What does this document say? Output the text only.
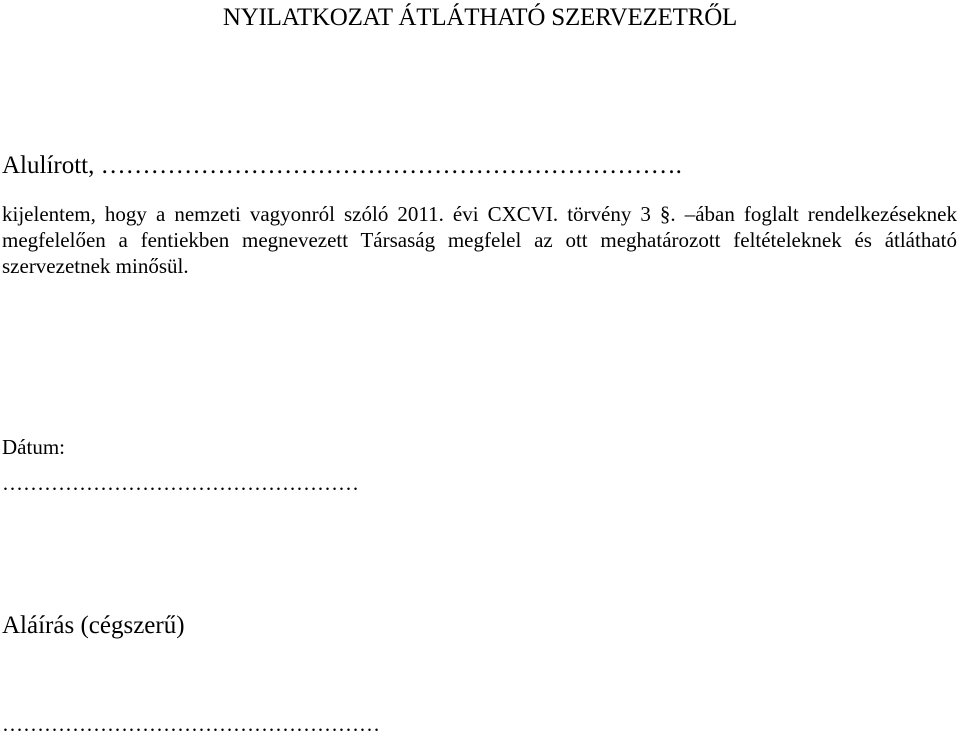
NYILATKOZAT ÁTLÁTHATÓ SZERVEZETRŐL
Alulírott, …………………………………………………………….
kijelentem, hogy a nemzeti vagyonról szóló 2011. évi CXCVI. törvény 3 §. –ában foglalt rendelkezéseknek megfelelően a fentiekben megnevezett Társaság megfelel az ott meghatározott feltételeknek és átlátható szervezetnek minősül.
Dátum:
……………………………………………
Aláírás (cégszerű)
………………………………………………
